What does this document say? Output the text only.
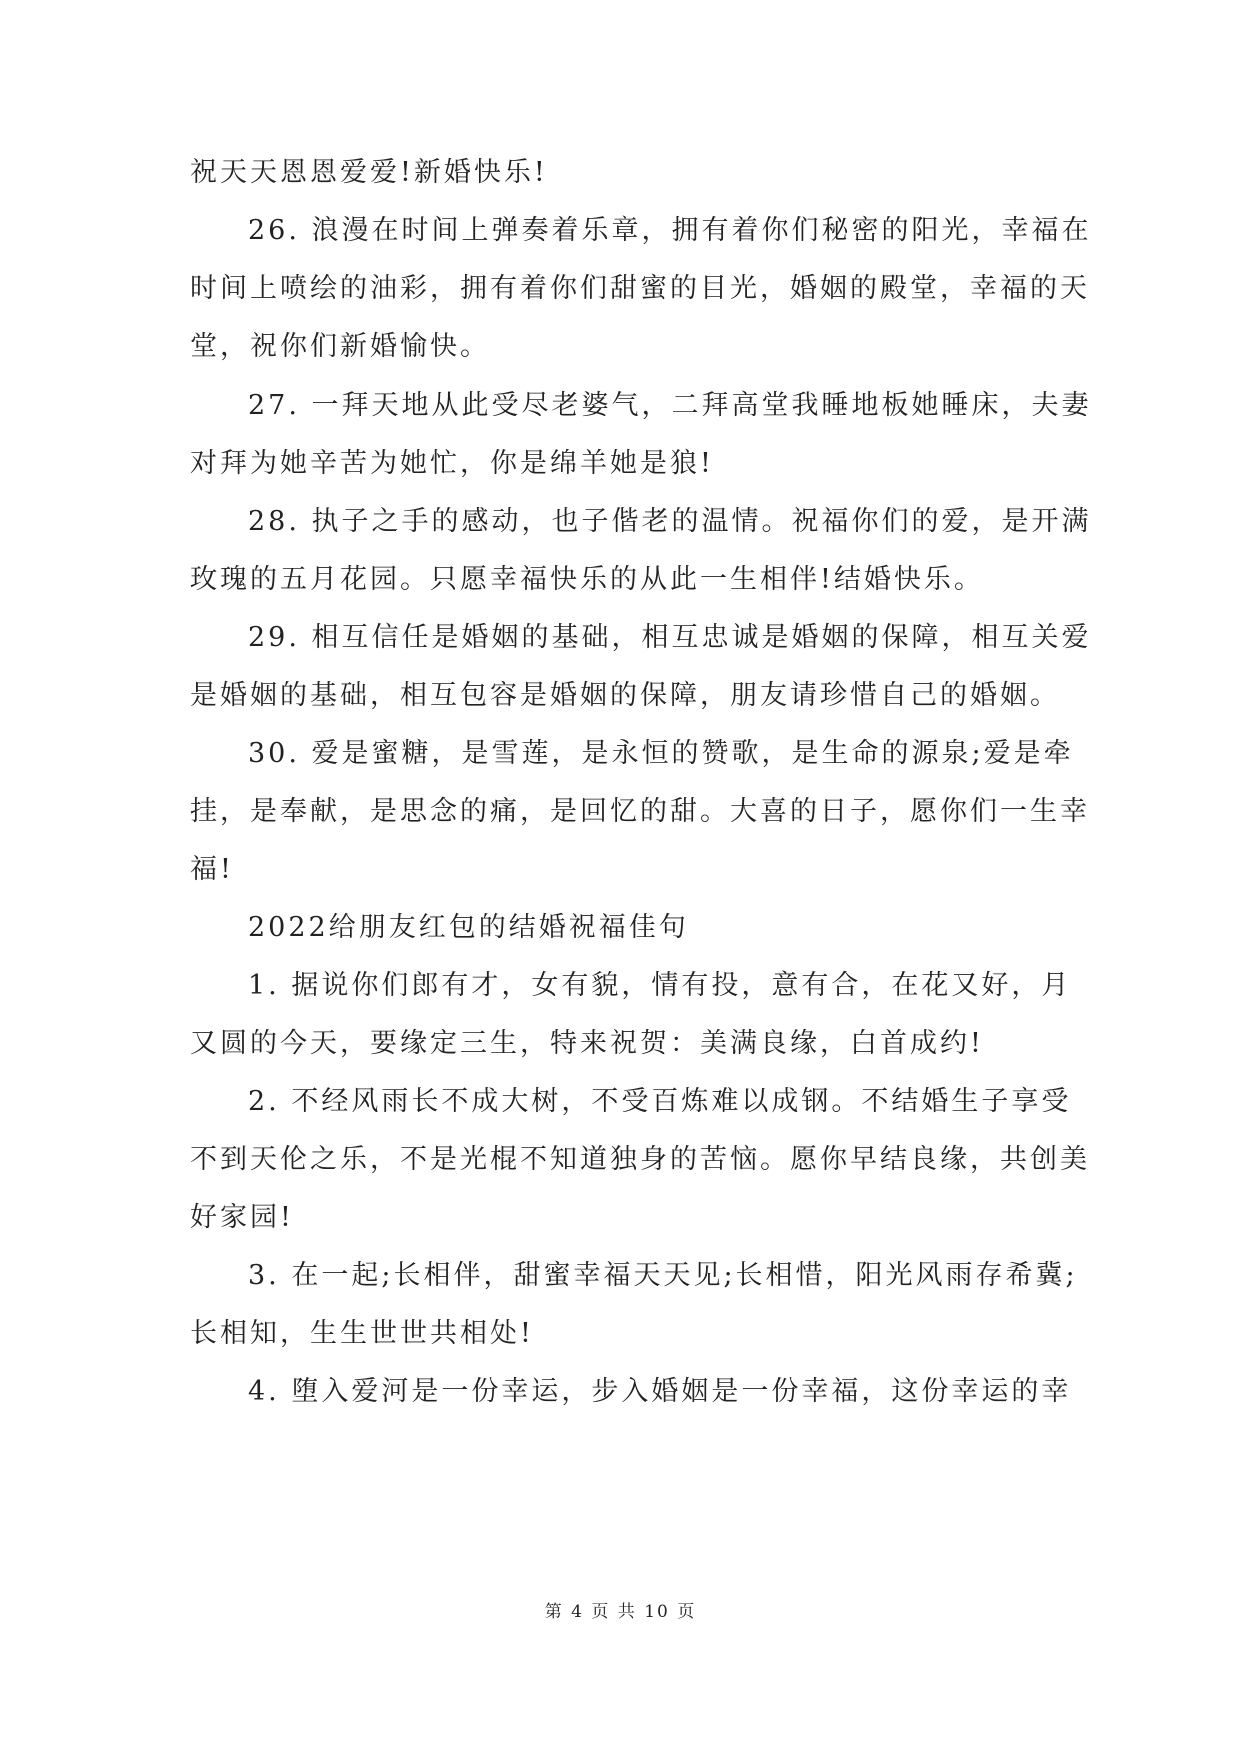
祝天天恩恩爱爱!新婚快乐!
26. 浪漫在时间上弹奏着乐章，拥有着你们秘密的阳光，幸福在
时间上喷绘的油彩，拥有着你们甜蜜的目光，婚姻的殿堂，幸福的天
堂，祝你们新婚愉快。
27. 一拜天地从此受尽老婆气，二拜高堂我睡地板她睡床，夫妻
对拜为她辛苦为她忙，你是绵羊她是狼!
28. 执子之手的感动，也子偕老的温情。祝福你们的爱，是开满
玫瑰的五月花园。只愿幸福快乐的从此一生相伴!结婚快乐。
29. 相互信任是婚姻的基础，相互忠诚是婚姻的保障，相互关爱
是婚姻的基础，相互包容是婚姻的保障，朋友请珍惜自己的婚姻。
30. 爱是蜜糖，是雪莲，是永恒的赞歌，是生命的源泉;爱是牵
挂，是奉献，是思念的痛，是回忆的甜。大喜的日子，愿你们一生幸
福!
2022给朋友红包的结婚祝福佳句
1. 据说你们郎有才，女有貌，情有投，意有合，在花又好，月
又圆的今天，要缘定三生，特来祝贺：美满良缘，白首成约!
2. 不经风雨长不成大树，不受百炼难以成钢。不结婚生子享受
不到天伦之乐，不是光棍不知道独身的苦恼。愿你早结良缘，共创美
好家园!
3. 在一起;长相伴，甜蜜幸福天天见;长相惜，阳光风雨存希冀;
长相知，生生世世共相处!
4. 堕入爱河是一份幸运，步入婚姻是一份幸福，这份幸运的幸
第 4 页 共 10 页
